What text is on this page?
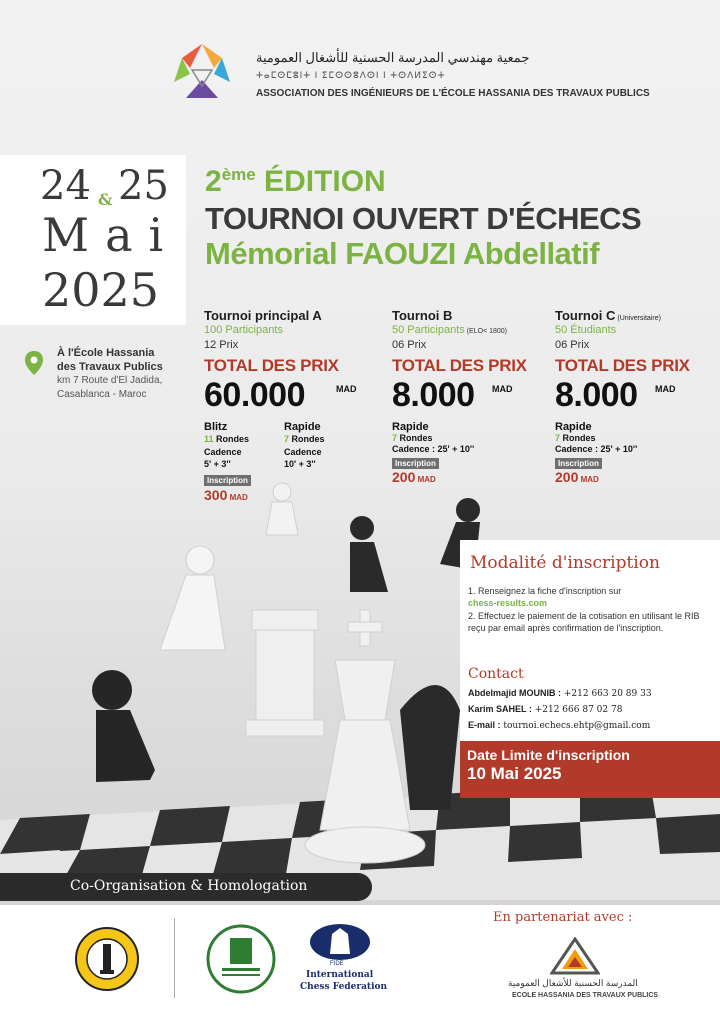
جمعية مهندسي المدرسة الحسنية للأشغال العمومية
ⵜⴰⵎⵙⵎⵓⵏⵜ ⵏ ⵉⵎⵙⵙⵓⴷⵙⵏ ⵏ ⵜⵙⴷⵍⵉⵙⵜ
ASSOCIATION DES INGÉNIEURS DE L'ÉCOLE HASSANIA DES TRAVAUX PUBLICS
24 & 25
Mai
2025
2ème ÉDITION
TOURNOI OUVERT D'ÉCHECS
Mémorial FAOUZI Abdellatif
À l'École Hassania
des Travaux Publics
km 7 Route d'El Jadida,
Casablanca - Maroc
Tournoi principal A
100 Participants
12 Prix
TOTAL DES PRIX
60.000	MAD
Blitz
11 Rondes
Cadence
5' + 3''
Rapide
7 Rondes
Cadence
10' + 3''
Inscription
300 MAD
Tournoi B
50 Participants (ELO< 1800)
06 Prix
TOTAL DES PRIX
8.000 MAD
Rapide
7 Rondes
Cadence : 25' + 10''
Inscription
200 MAD
Tournoi C (Universitaire)
50 Étudiants
06 Prix
TOTAL DES PRIX
8.000 MAD
Rapide
7 Rondes
Cadence : 25' + 10''
Inscription
200 MAD
Modalité d'inscription
1. Renseignez la fiche d'inscription sur
chess-results.com
2. Effectuez le paiement de la cotisation en utilisant le RIB reçu par email après confirmation de l'inscription.
Contact
Abdelmajid MOUNIB : +212 663 20 89 33
Karim SAHEL : +212 666 87 02 78
E-mail : tournoi.echecs.ehtp@gmail.com
Date Limite d'inscription
10 Mai 2025
Co-Organisation & Homologation
En partenariat avec :
FIDE
International
Chess Federation	المدرسة الحسنية للأشغال العمومية
ECOLE HASSANIA DES TRAVAUX PUBLICS
